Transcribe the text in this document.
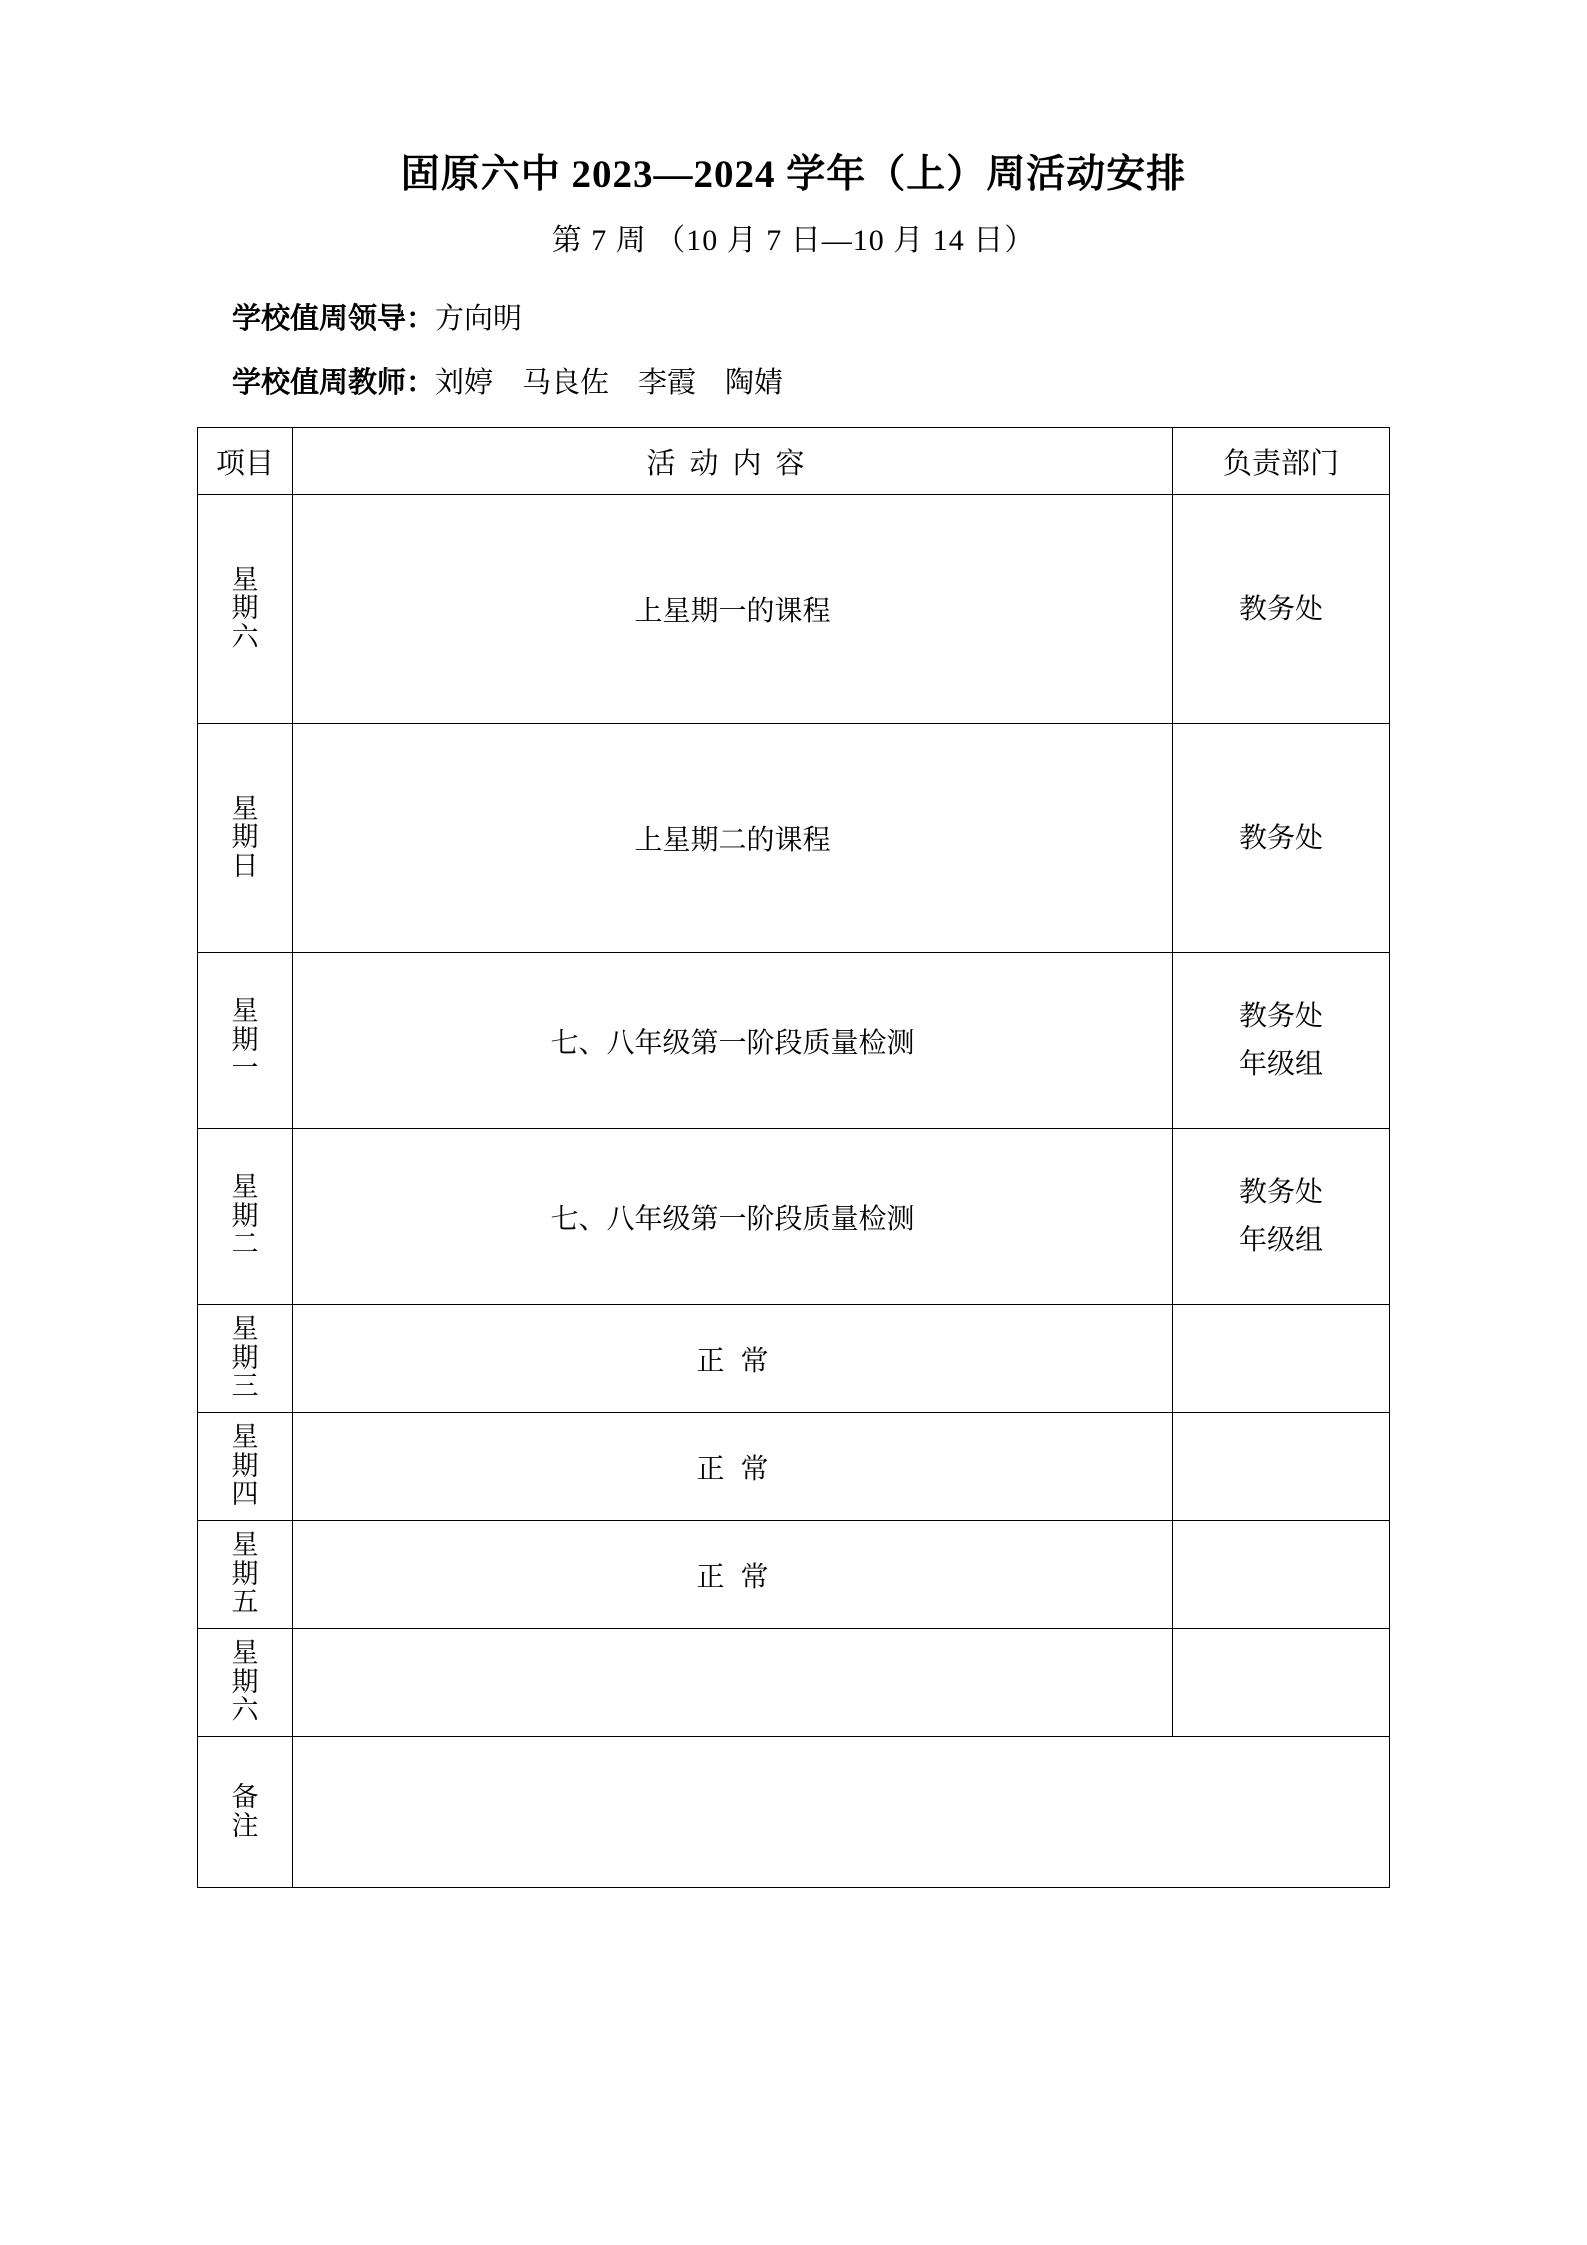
固原六中 2023—2024 学年（上）周活动安排
第 7 周 （10 月 7 日—10 月 14 日）
学校值周领导：方向明
学校值周教师：刘婷　马良佐　李霞　陶婧
项目	活动内容	负责部门

星
期
六	上星期一的课程	教务处

星
期
日	上星期二的课程	教务处

星
期
一	七、八年级第一阶段质量检测	教务处
年级组

星
期
二	七、八年级第一阶段质量检测	教务处
年级组

星
期
三	正常	

星
期
四	正常	

星
期
五	正常	

星
期
六		

备
注		
